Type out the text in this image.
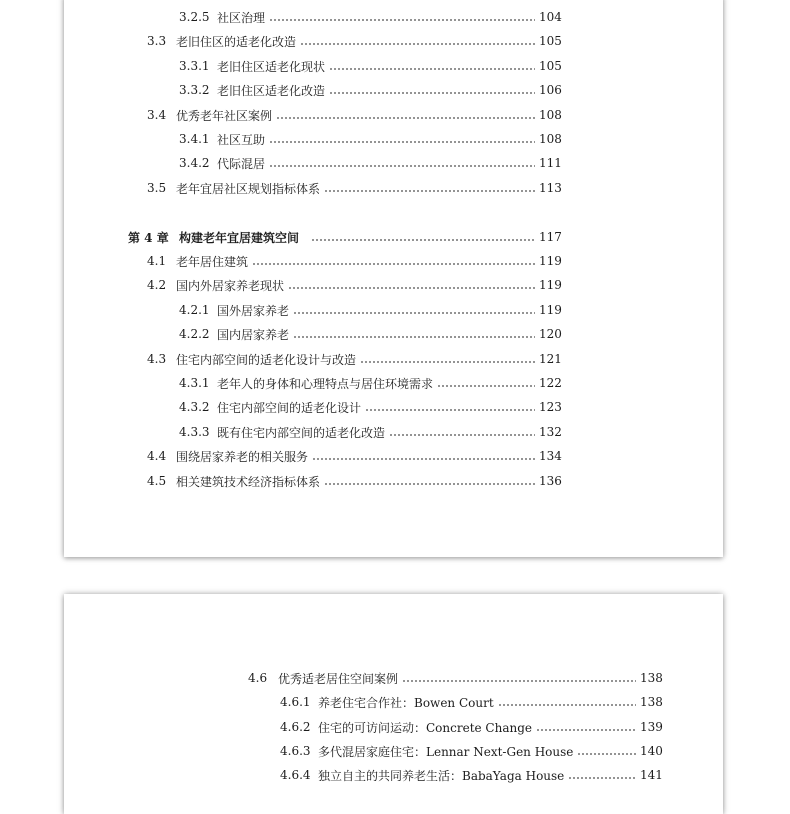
3.2.5 社区治理	104
3.3 老旧住区的适老化改造	105
3.3.1 老旧住区适老化现状	105
3.3.2 老旧住区适老化改造	106
3.4 优秀老年社区案例	108
3.4.1 社区互助	108
3.4.2 代际混居	111
3.5 老年宜居社区规划指标体系	113
第 4 章 构建老年宜居建筑空间	117
4.1 老年居住建筑	119
4.2 国内外居家养老现状	119
4.2.1 国外居家养老	119
4.2.2 国内居家养老	120
4.3 住宅内部空间的适老化设计与改造	121
4.3.1 老年人的身体和心理特点与居住环境需求	122
4.3.2 住宅内部空间的适老化设计	123
4.3.3 既有住宅内部空间的适老化改造	132
4.4 围绕居家养老的相关服务	134
4.5 相关建筑技术经济指标体系	136
4.6 优秀适老居住空间案例	138
4.6.1 养老住宅合作社：Bowen Court	138
4.6.2 住宅的可访问运动：Concrete Change	139
4.6.3 多代混居家庭住宅：Lennar Next-Gen House	140
4.6.4 独立自主的共同养老生活：BabaYaga House	141
